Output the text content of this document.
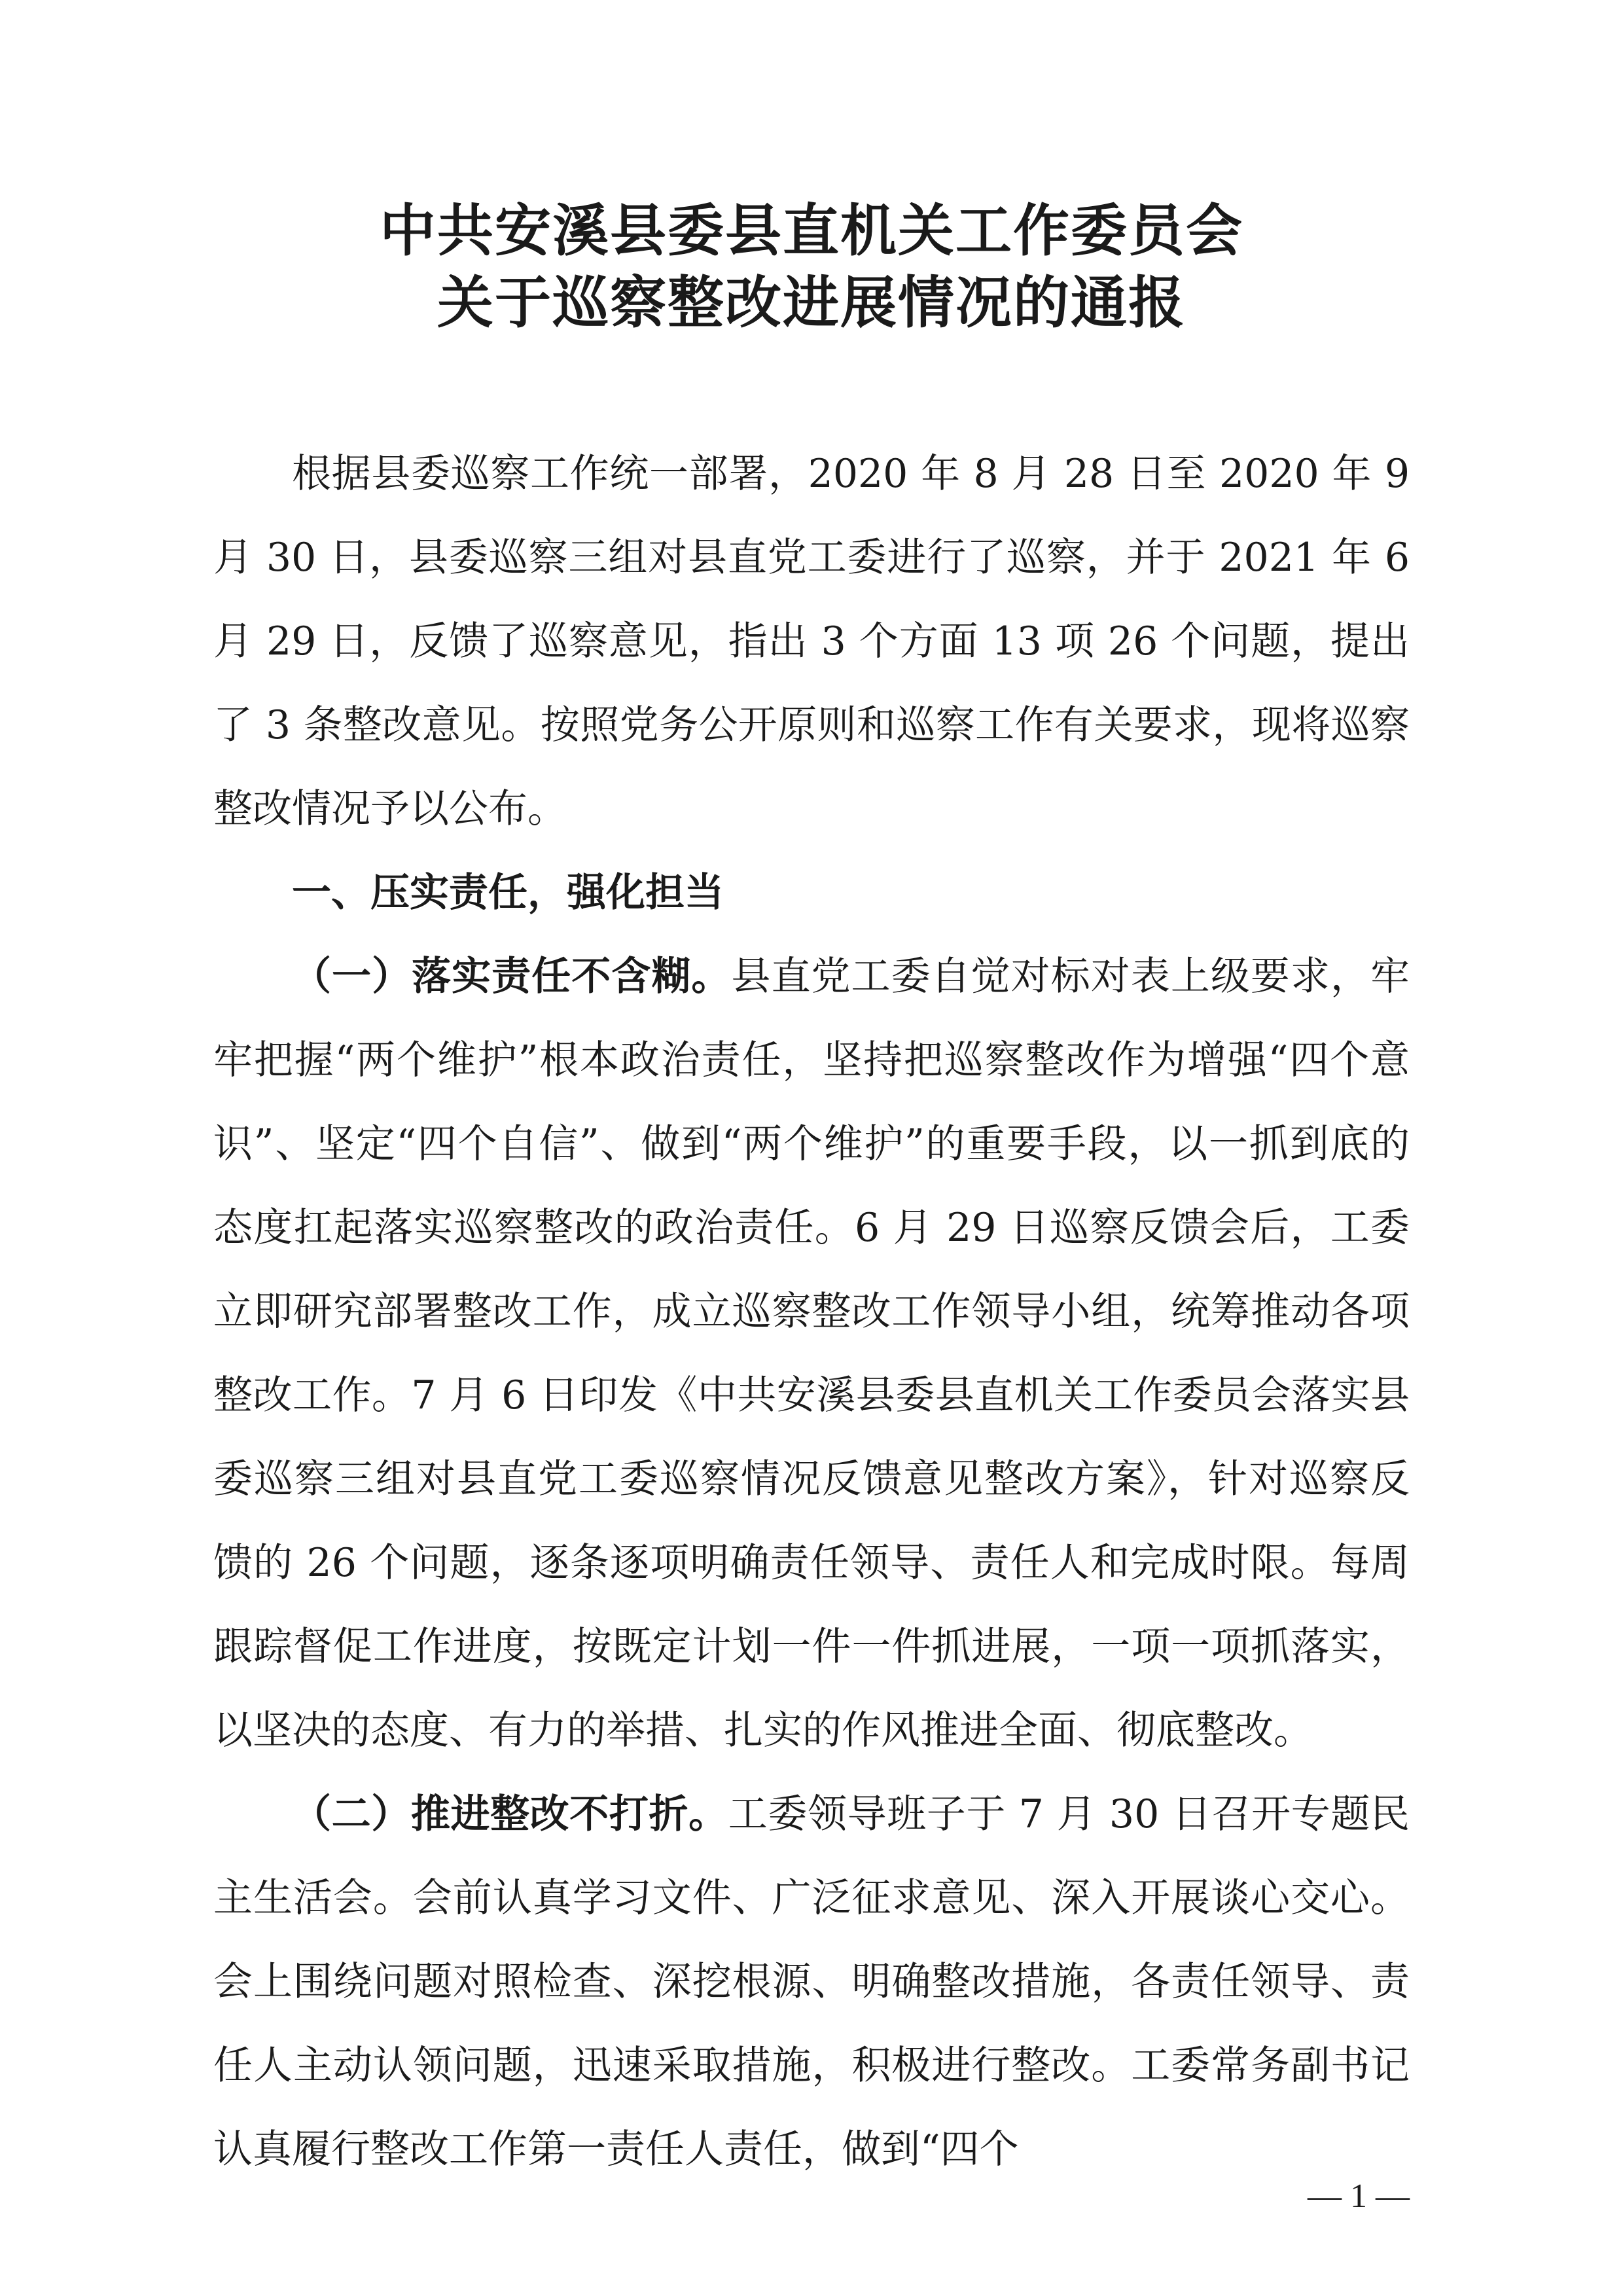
中共安溪县委县直机关工作委员会
关于巡察整改进展情况的通报

根据县委巡察工作统一部署，2020 年 8 月 28 日至 2020 年 9 月 30 日，县委巡察三组对县直党工委进行了巡察，并于 2021 年 6 月 29 日，反馈了巡察意见，指出 3 个方面 13 项 26 个问题，提出了 3 条整改意见。按照党务公开原则和巡察工作有关要求，现将巡察整改情况予以公布。

一、压实责任，强化担当

（一）落实责任不含糊。县直党工委自觉对标对表上级要求，牢牢把握“两个维护”根本政治责任，坚持把巡察整改作为增强“四个意识”、坚定“四个自信”、做到“两个维护”的重要手段，以一抓到底的态度扛起落实巡察整改的政治责任。6 月 29 日巡察反馈会后，工委立即研究部署整改工作，成立巡察整改工作领导小组，统筹推动各项整改工作。7 月 6 日印发《中共安溪县委县直机关工作委员会落实县委巡察三组对县直党工委巡察情况反馈意见整改方案》，针对巡察反馈的 26 个问题，逐条逐项明确责任领导、责任人和完成时限。每周跟踪督促工作进度，按既定计划一件一件抓进展，一项一项抓落实，以坚决的态度、有力的举措、扎实的作风推进全面、彻底整改。

（二）推进整改不打折。工委领导班子于 7 月 30 日召开专题民主生活会。会前认真学习文件、广泛征求意见、深入开展谈心交心。会上围绕问题对照检查、深挖根源、明确整改措施，各责任领导、责任人主动认领问题，迅速采取措施，积极进行整改。工委常务副书记认真履行整改工作第一责任人责任，做到“四个

— 1 —
